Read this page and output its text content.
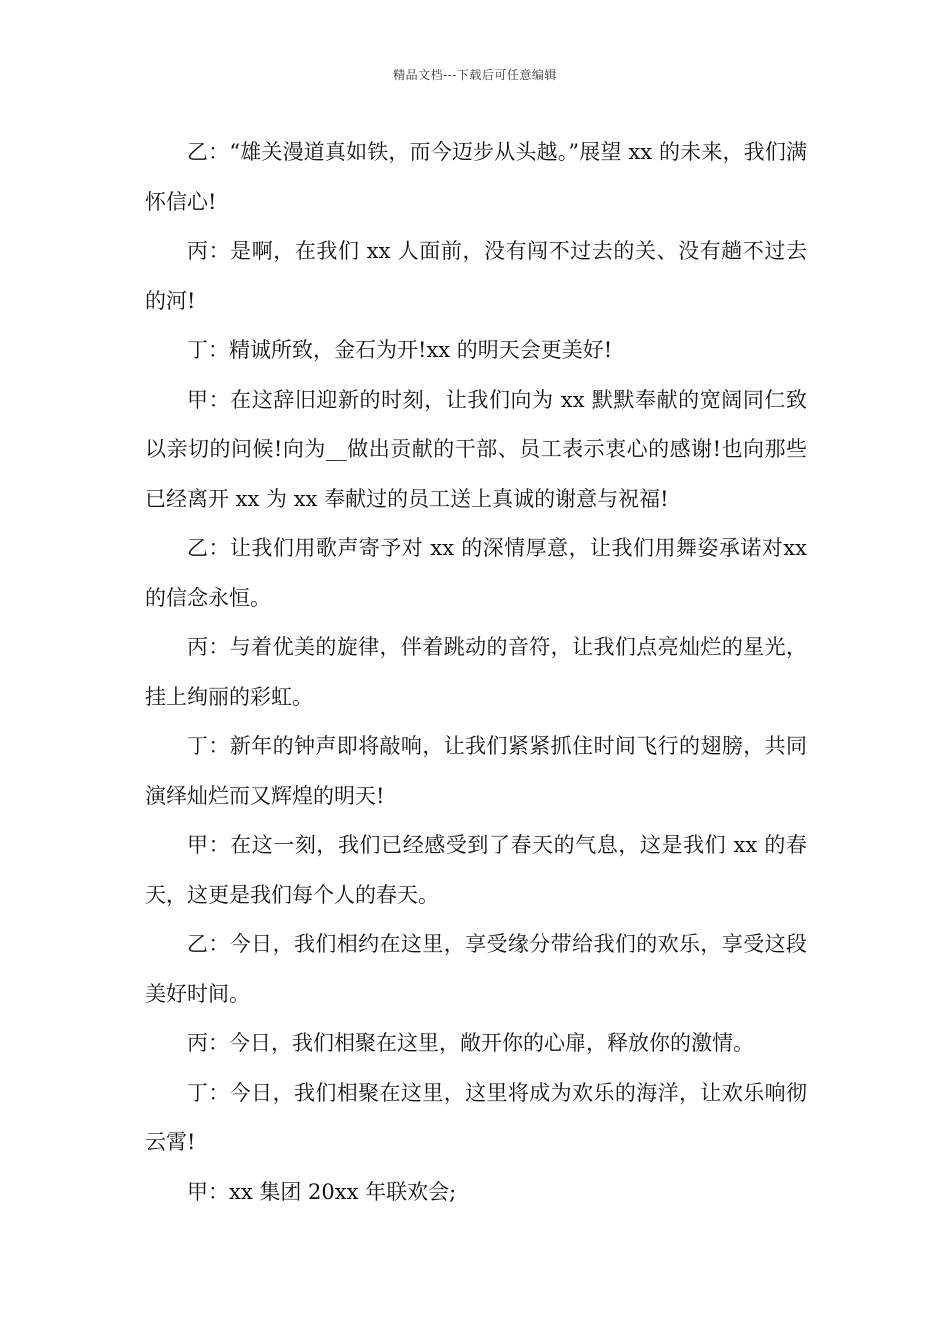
精品文档---下载后可任意编辑

乙：“雄关漫道真如铁，而今迈步从头越。”展望 xx 的未来，我们满怀信心!

丙：是啊，在我们 xx 人面前，没有闯不过去的关、没有趟不过去的河!

丁：精诚所致，金石为开!xx 的明天会更美好!

甲：在这辞旧迎新的时刻，让我们向为 xx 默默奉献的宽阔同仁致以亲切的问候!向为__做出贡献的干部、员工表示衷心的感谢!也向那些已经离开 xx 为 xx 奉献过的员工送上真诚的谢意与祝福!

乙：让我们用歌声寄予对 xx 的深情厚意，让我们用舞姿承诺对xx 的信念永恒。

丙：与着优美的旋律，伴着跳动的音符，让我们点亮灿烂的星光，挂上绚丽的彩虹。

丁：新年的钟声即将敲响，让我们紧紧抓住时间飞行的翅膀，共同演绎灿烂而又辉煌的明天!

甲：在这一刻，我们已经感受到了春天的气息，这是我们 xx 的春天，这更是我们每个人的春天。

乙：今日，我们相约在这里，享受缘分带给我们的欢乐，享受这段美好时间。

丙：今日，我们相聚在这里，敞开你的心扉，释放你的激情。

丁：今日，我们相聚在这里，这里将成为欢乐的海洋，让欢乐响彻云霄!

甲：xx 集团 20xx 年联欢会;
